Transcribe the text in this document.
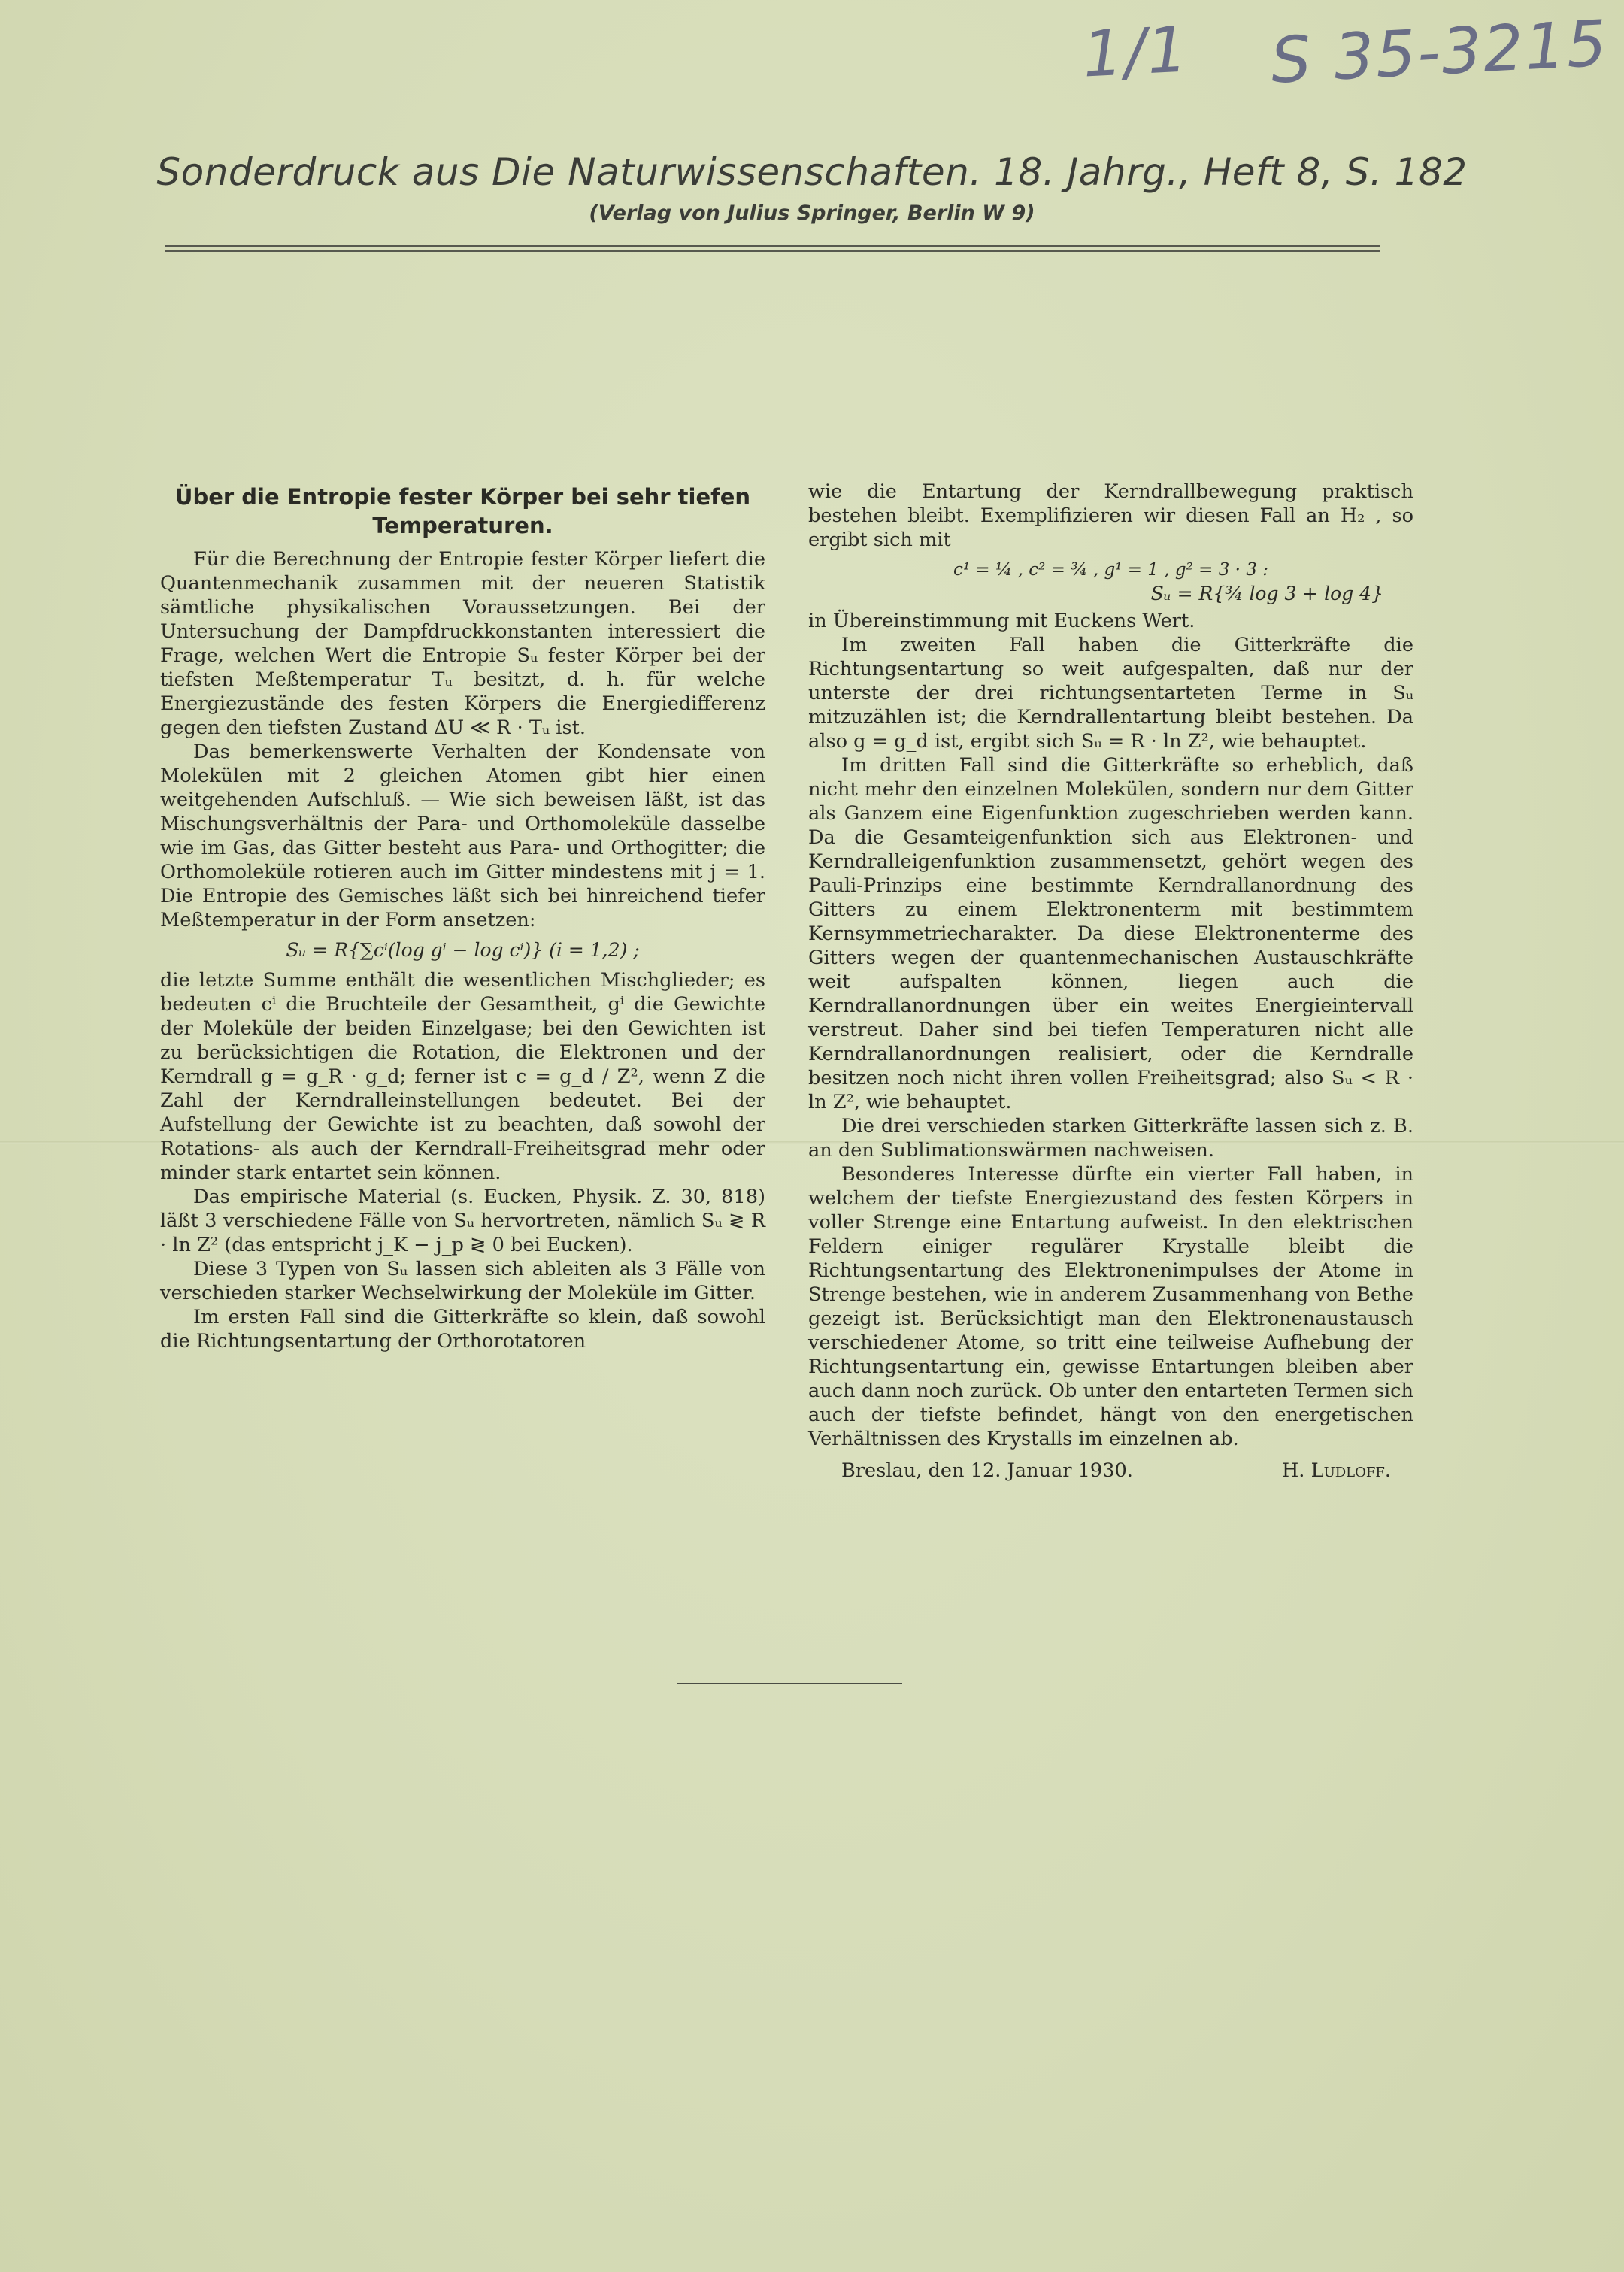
1/1 S 35-3215
Sonderdruck aus Die Naturwissenschaften. 18. Jahrg., Heft 8, S. 182
(Verlag von Julius Springer, Berlin W 9)
Über die Entropie fester Körper bei sehr tiefen Temperaturen.

Für die Berechnung der Entropie fester Körper liefert die Quantenmechanik zusammen mit der neueren Statistik sämtliche physikalischen Voraussetzungen. Bei der Untersuchung der Dampfdruckkonstanten interessiert die Frage, welchen Wert die Entropie Sᵤ fester Körper bei der tiefsten Meßtemperatur Tᵤ besitzt, d. h. für welche Energiezustände des festen Körpers die Energiedifferenz gegen den tiefsten Zustand ΔU ≪ R · Tᵤ ist.

Das bemerkenswerte Verhalten der Kondensate von Molekülen mit 2 gleichen Atomen gibt hier einen weitgehenden Aufschluß. — Wie sich beweisen läßt, ist das Mischungsverhältnis der Para- und Orthomoleküle dasselbe wie im Gas, das Gitter besteht aus Para- und Orthogitter; die Orthomoleküle rotieren auch im Gitter mindestens mit j = 1. Die Entropie des Gemisches läßt sich bei hinreichend tiefer Meßtemperatur in der Form ansetzen:

Sᵤ = R{∑cⁱ(log gⁱ − log cⁱ)} (i = 1,2) ;

die letzte Summe enthält die wesentlichen Mischglieder; es bedeuten cⁱ die Bruchteile der Gesamtheit, gⁱ die Gewichte der Moleküle der beiden Einzelgase; bei den Gewichten ist zu berücksichtigen die Rotation, die Elektronen und der Kerndrall g = g_R · g_d; ferner ist c = g_d / Z², wenn Z die Zahl der Kerndralleinstellungen bedeutet. Bei der Aufstellung der Gewichte ist zu beachten, daß sowohl der Rotations- als auch der Kerndrall-Freiheitsgrad mehr oder minder stark entartet sein können.

Das empirische Material (s. Eucken, Physik. Z. 30, 818) läßt 3 verschiedene Fälle von Sᵤ hervortreten, nämlich Sᵤ ≷ R · ln Z² (das entspricht j_K − j_p ≷ 0 bei Eucken).

Diese 3 Typen von Sᵤ lassen sich ableiten als 3 Fälle von verschieden starker Wechselwirkung der Moleküle im Gitter.

Im ersten Fall sind die Gitterkräfte so klein, daß sowohl die Richtungsentartung der Orthorotatoren

wie die Entartung der Kerndrallbewegung praktisch bestehen bleibt. Exemplifizieren wir diesen Fall an H₂ , so ergibt sich mit

c¹ = ¼ , c² = ¾ , g¹ = 1 , g² = 3 · 3 :
Sᵤ = R{¾ log 3 + log 4}

in Übereinstimmung mit Euckens Wert.

Im zweiten Fall haben die Gitterkräfte die Richtungsentartung so weit aufgespalten, daß nur der unterste der drei richtungsentarteten Terme in Sᵤ mitzuzählen ist; die Kerndrallentartung bleibt bestehen. Da also g = g_d ist, ergibt sich Sᵤ = R · ln Z², wie behauptet.

Im dritten Fall sind die Gitterkräfte so erheblich, daß nicht mehr den einzelnen Molekülen, sondern nur dem Gitter als Ganzem eine Eigenfunktion zugeschrieben werden kann. Da die Gesamteigenfunktion sich aus Elektronen- und Kerndralleigenfunktion zusammensetzt, gehört wegen des Pauli-Prinzips eine bestimmte Kerndrallanordnung des Gitters zu einem Elektronenterm mit bestimmtem Kernsymmetriecharakter. Da diese Elektronenterme des Gitters wegen der quantenmechanischen Austauschkräfte weit aufspalten können, liegen auch die Kerndrallanordnungen über ein weites Energieintervall verstreut. Daher sind bei tiefen Temperaturen nicht alle Kerndrallanordnungen realisiert, oder die Kerndralle besitzen noch nicht ihren vollen Freiheitsgrad; also Sᵤ < R · ln Z², wie behauptet.

Die drei verschieden starken Gitterkräfte lassen sich z. B. an den Sublimationswärmen nachweisen.

Besonderes Interesse dürfte ein vierter Fall haben, in welchem der tiefste Energiezustand des festen Körpers in voller Strenge eine Entartung aufweist. In den elektrischen Feldern einiger regulärer Krystalle bleibt die Richtungsentartung des Elektronenimpulses der Atome in Strenge bestehen, wie in anderem Zusammenhang von Bethe gezeigt ist. Berücksichtigt man den Elektronenaustausch verschiedener Atome, so tritt eine teilweise Aufhebung der Richtungsentartung ein, gewisse Entartungen bleiben aber auch dann noch zurück. Ob unter den entarteten Termen sich auch der tiefste befindet, hängt von den energetischen Verhältnissen des Krystalls im einzelnen ab.

Breslau, den 12. Januar 1930.	H. Ludloff.
